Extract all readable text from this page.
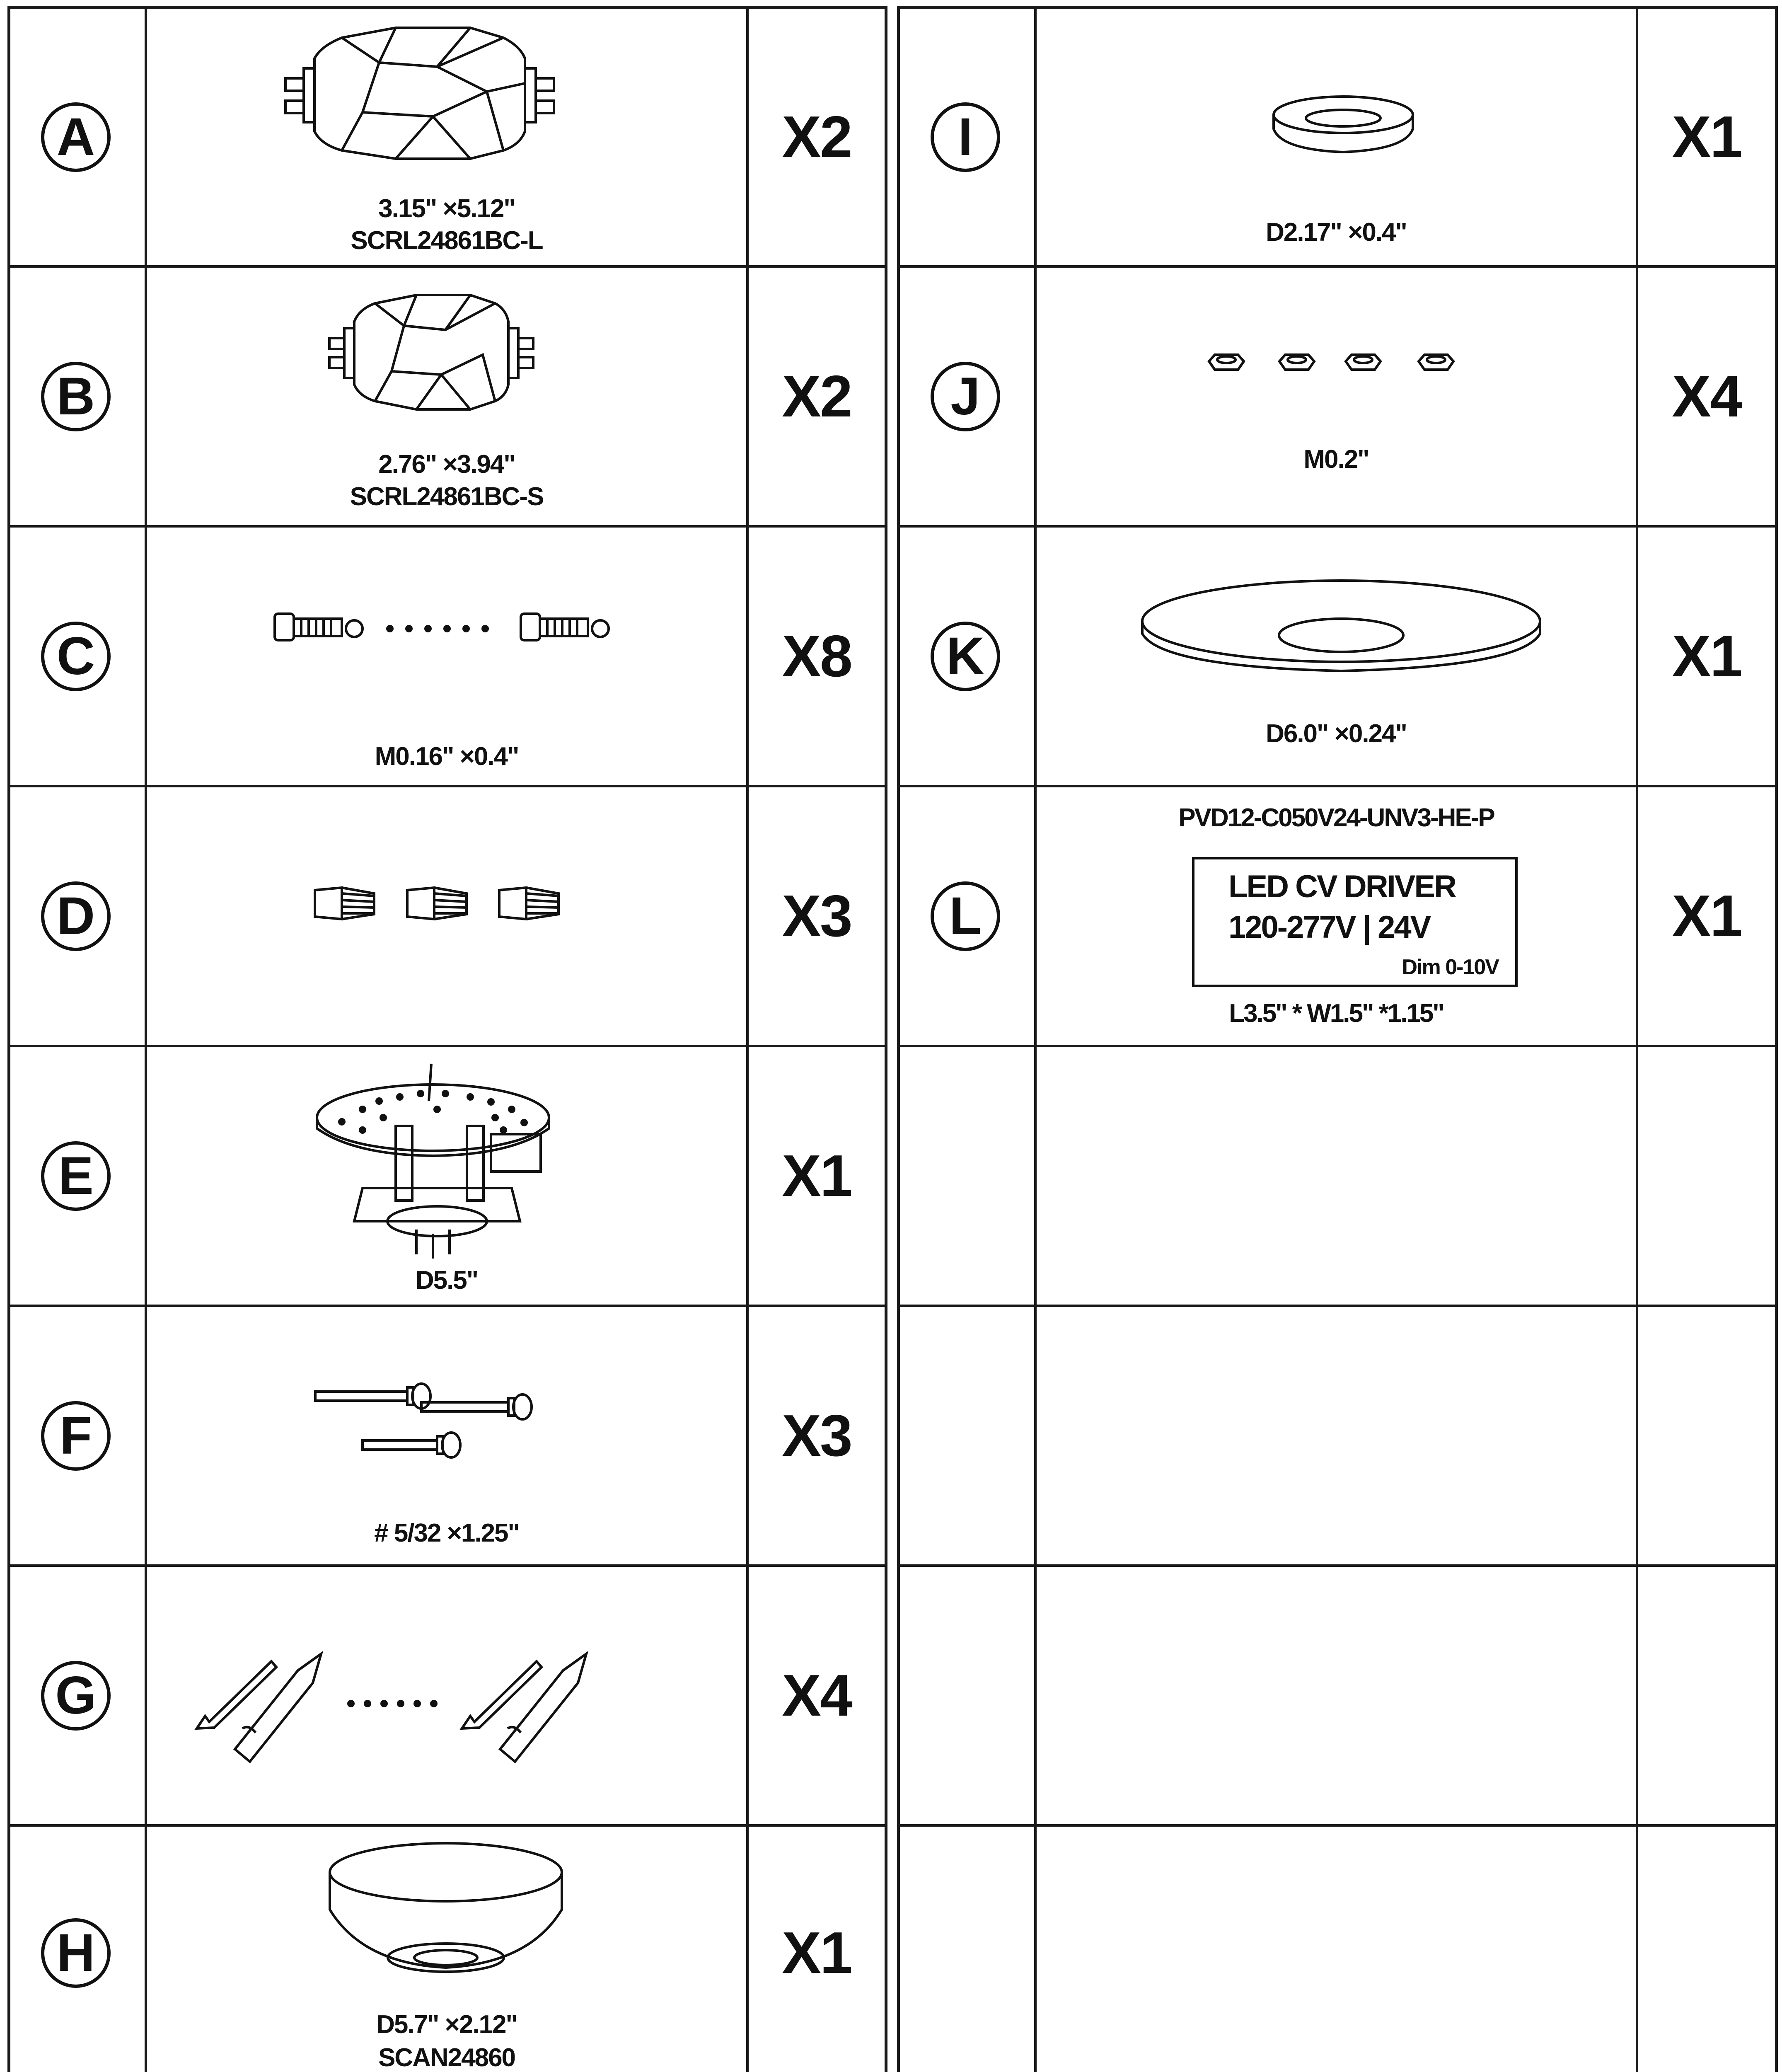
A
3.15" ×5.12"
SCRL24861BC-L
X2
B
2.76" ×3.94"
SCRL24861BC-S
X2
C
M0.16" ×0.4"
X8
D	X3
E
D5.5"
X1
F
# 5/32 ×1.25"
X3
G	X4
H
D5.7" ×2.12"
SCAN24860
X1
I
D2.17" ×0.4"
X1
J
M0.2"
X4
K
D6.0" ×0.24"
X1
L
PVD12-C050V24-UNV3-HE-P
LED CV DRIVER
120-277V | 24V
Dim 0-10V
L3.5" * W1.5" *1.15"
X1
